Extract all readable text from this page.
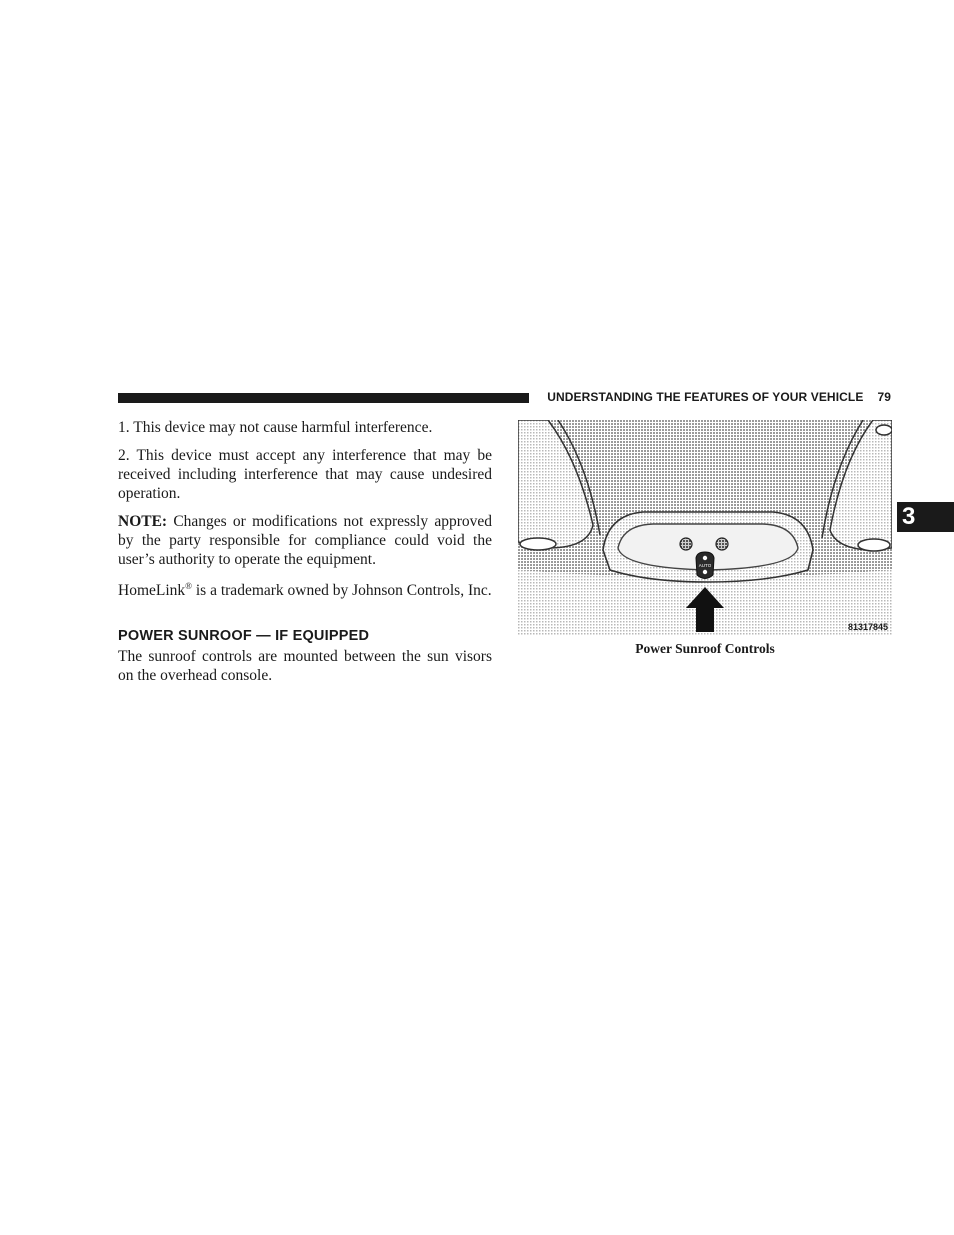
UNDERSTANDING THE FEATURES OF YOUR VEHICLE 79
3

1. This device may not cause harmful interference.

2. This device must accept any interference that may be received including interference that may cause undesired operation.

NOTE: Changes or modifications not expressly approved by the party responsible for compliance could void the user’s authority to operate the equipment.

HomeLink® is a trademark owned by Johnson Controls, Inc.

POWER SUNROOF — IF EQUIPPED

The sunroof controls are mounted between the sun visors on the overhead console.

AUTO
81317845
Power Sunroof Controls
